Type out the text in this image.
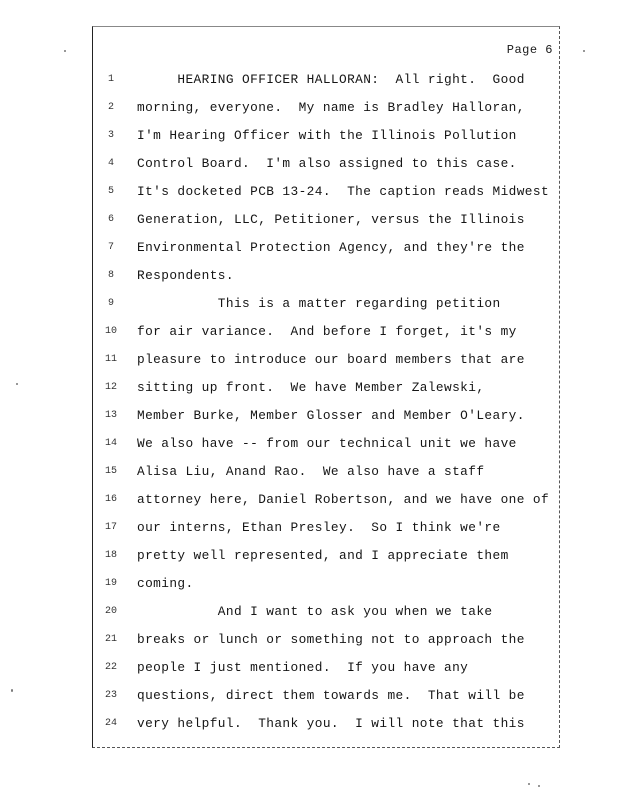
Page 6
1	HEARING OFFICER HALLORAN:  All right.  Good
2	morning, everyone.  My name is Bradley Halloran,
3	I'm Hearing Officer with the Illinois Pollution
4	Control Board.  I'm also assigned to this case.
5	It's docketed PCB 13-24.  The caption reads Midwest
6	Generation, LLC, Petitioner, versus the Illinois
7	Environmental Protection Agency, and they're the
8	Respondents.
9	This is a matter regarding petition
10	for air variance.  And before I forget, it's my
11	pleasure to introduce our board members that are
12	sitting up front.  We have Member Zalewski,
13	Member Burke, Member Glosser and Member O'Leary.
14	We also have -- from our technical unit we have
15	Alisa Liu, Anand Rao.  We also have a staff
16	attorney here, Daniel Robertson, and we have one of
17	our interns, Ethan Presley.  So I think we're
18	pretty well represented, and I appreciate them
19	coming.
20	And I want to ask you when we take
21	breaks or lunch or something not to approach the
22	people I just mentioned.  If you have any
23	questions, direct them towards me.  That will be
24	very helpful.  Thank you.  I will note that this
